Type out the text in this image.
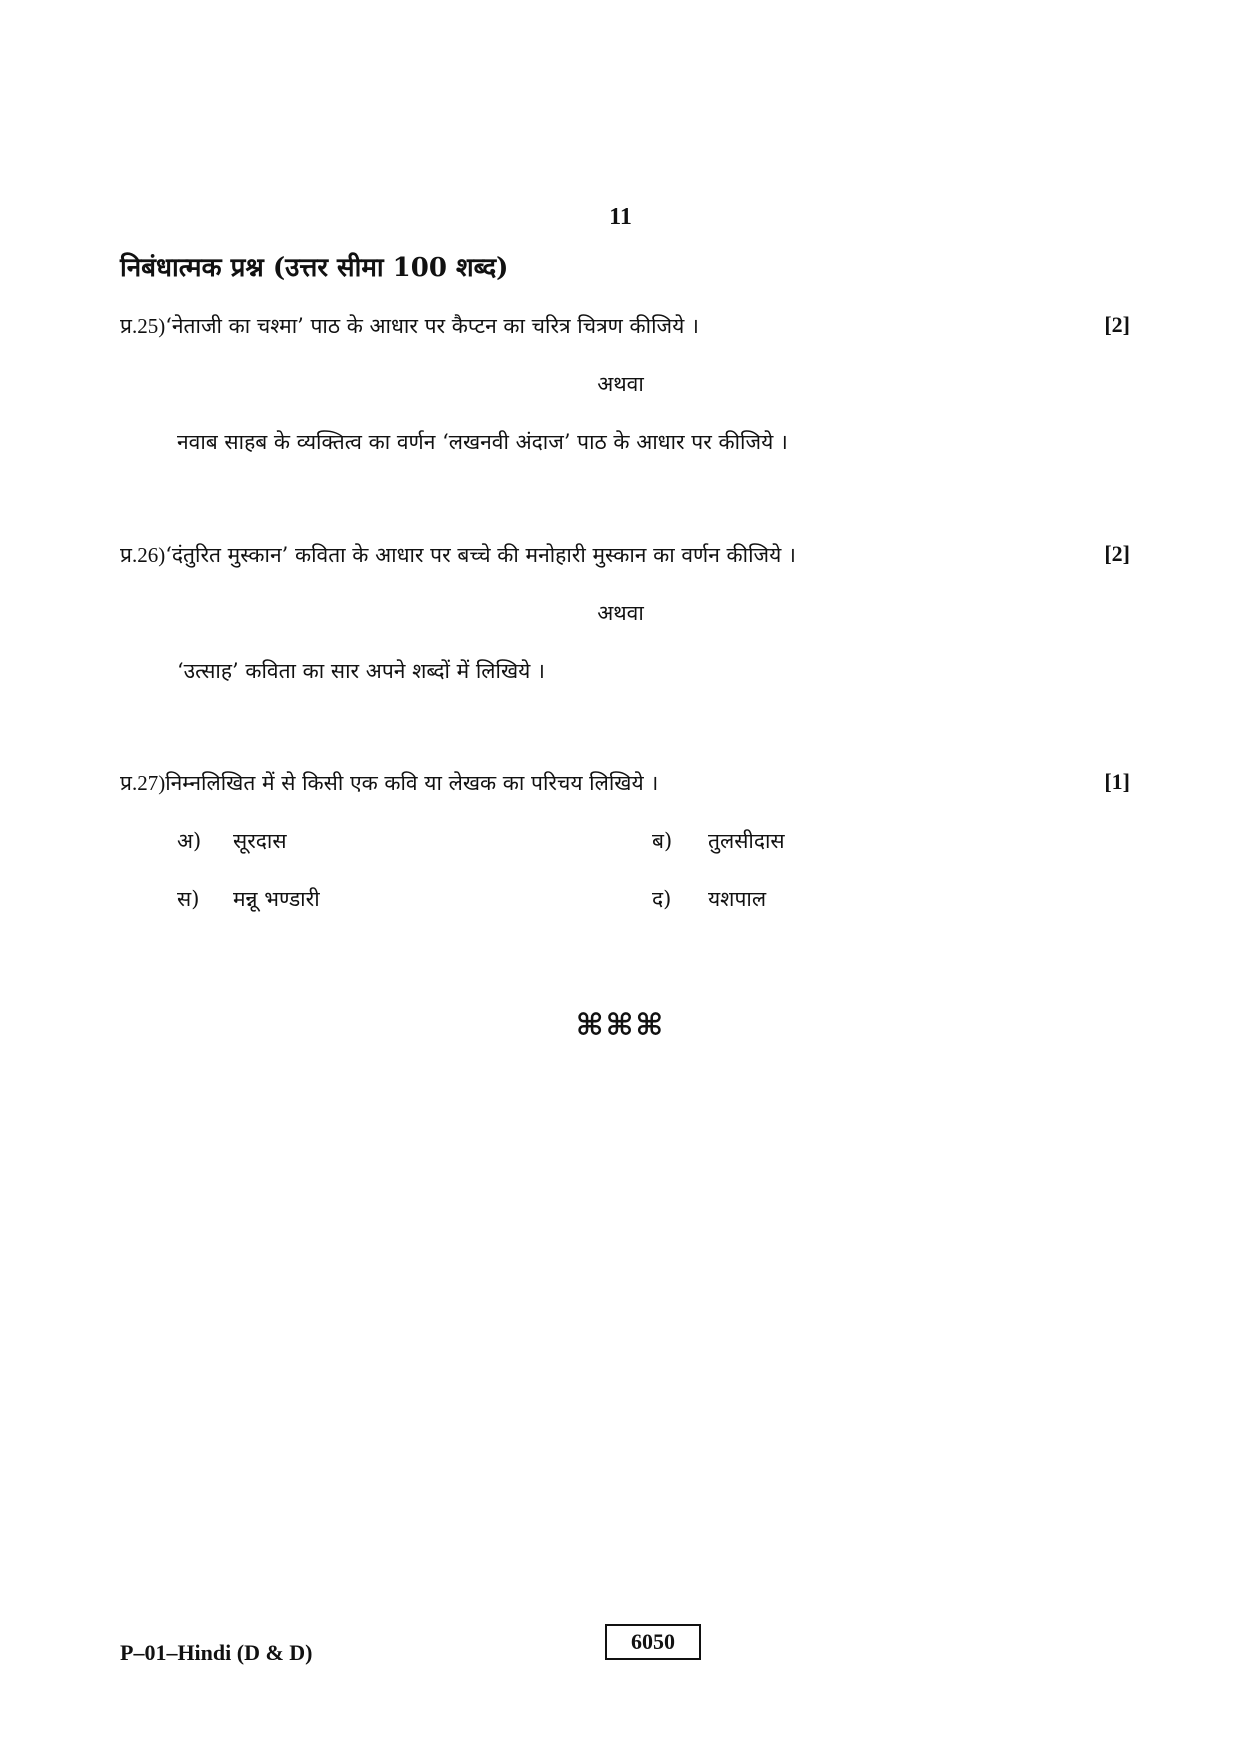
11
निबंधात्मक प्रश्न (उत्तर सीमा 100 शब्द)
प्र.25)‘नेताजी का चश्मा’ पाठ के आधार पर कैप्टन का चरित्र चित्रण कीजिये ।	[2]
अथवा
नवाब साहब के व्यक्तित्व का वर्णन ‘लखनवी अंदाज’ पाठ के आधार पर कीजिये ।
प्र.26)‘दंतुरित मुस्कान’ कविता के आधार पर बच्चे की मनोहारी मुस्कान का वर्णन कीजिये ।	[2]
अथवा
‘उत्साह’ कविता का सार अपने शब्दों में लिखिये ।
प्र.27)निम्नलिखित में से किसी एक कवि या लेखक का परिचय लिखिये ।	[1]
अ) सूरदास	ब) तुलसीदास
स) मन्नू भण्डारी	द) यशपाल
⌘⌘⌘
P–01–Hindi (D & D)	6050
